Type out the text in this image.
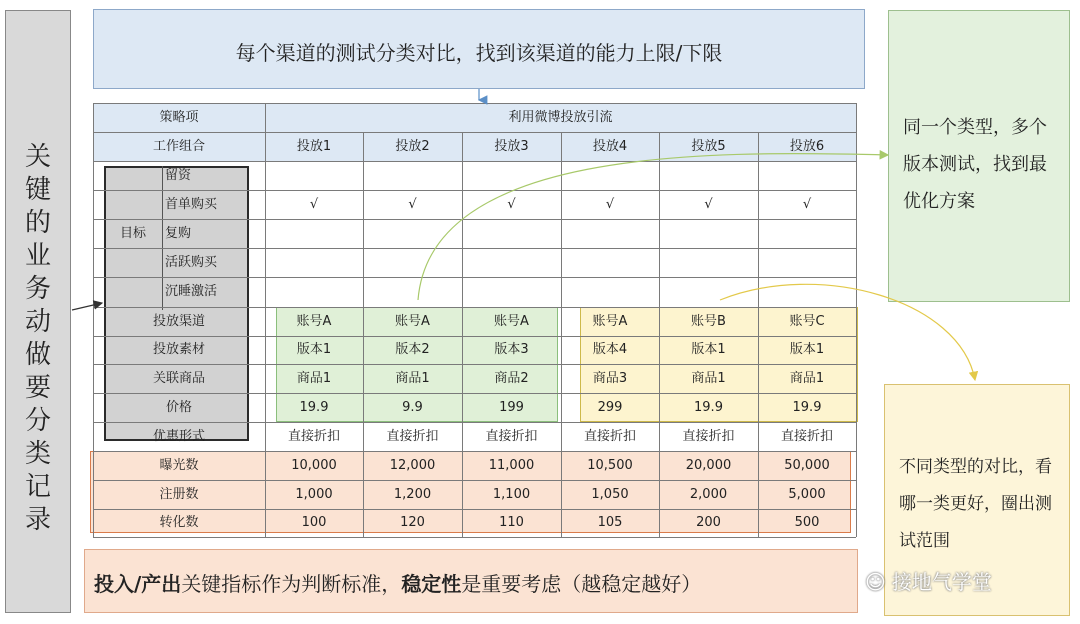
关
键
的
业
务
动
做
要
分
类
记
录
每个渠道的测试分类对比，找到该渠道的能力上限/下限
策略项	利用微博投放引流
工作组合	投放1	投放2	投放3	投放4	投放5	投放6
目标
留资
首单购买	√	√	√	√	√	√
复购
活跃购买
沉睡激活
投放渠道	账号A	账号A	账号A	账号A	账号B	账号C
投放素材	版本1	版本2	版本3	版本4	版本1	版本1
关联商品	商品1	商品1	商品2	商品3	商品1	商品1
价格	19.9	9.9	199	299	19.9	19.9
优惠形式	直接折扣	直接折扣	直接折扣	直接折扣	直接折扣	直接折扣
曝光数	10,000	12,000	11,000	10,500	20,000	50,000
注册数	1,000	1,200	1,100	1,050	2,000	5,000
转化数	100	120	110	105	200	500
同一个类型，多个版本测试，找到最优化方案
不同类型的对比，看哪一类更好，圈出测试范围
投入/产出关键指标作为判断标准，稳定性是重要考虑（越稳定越好）	☺ 接地气学堂
